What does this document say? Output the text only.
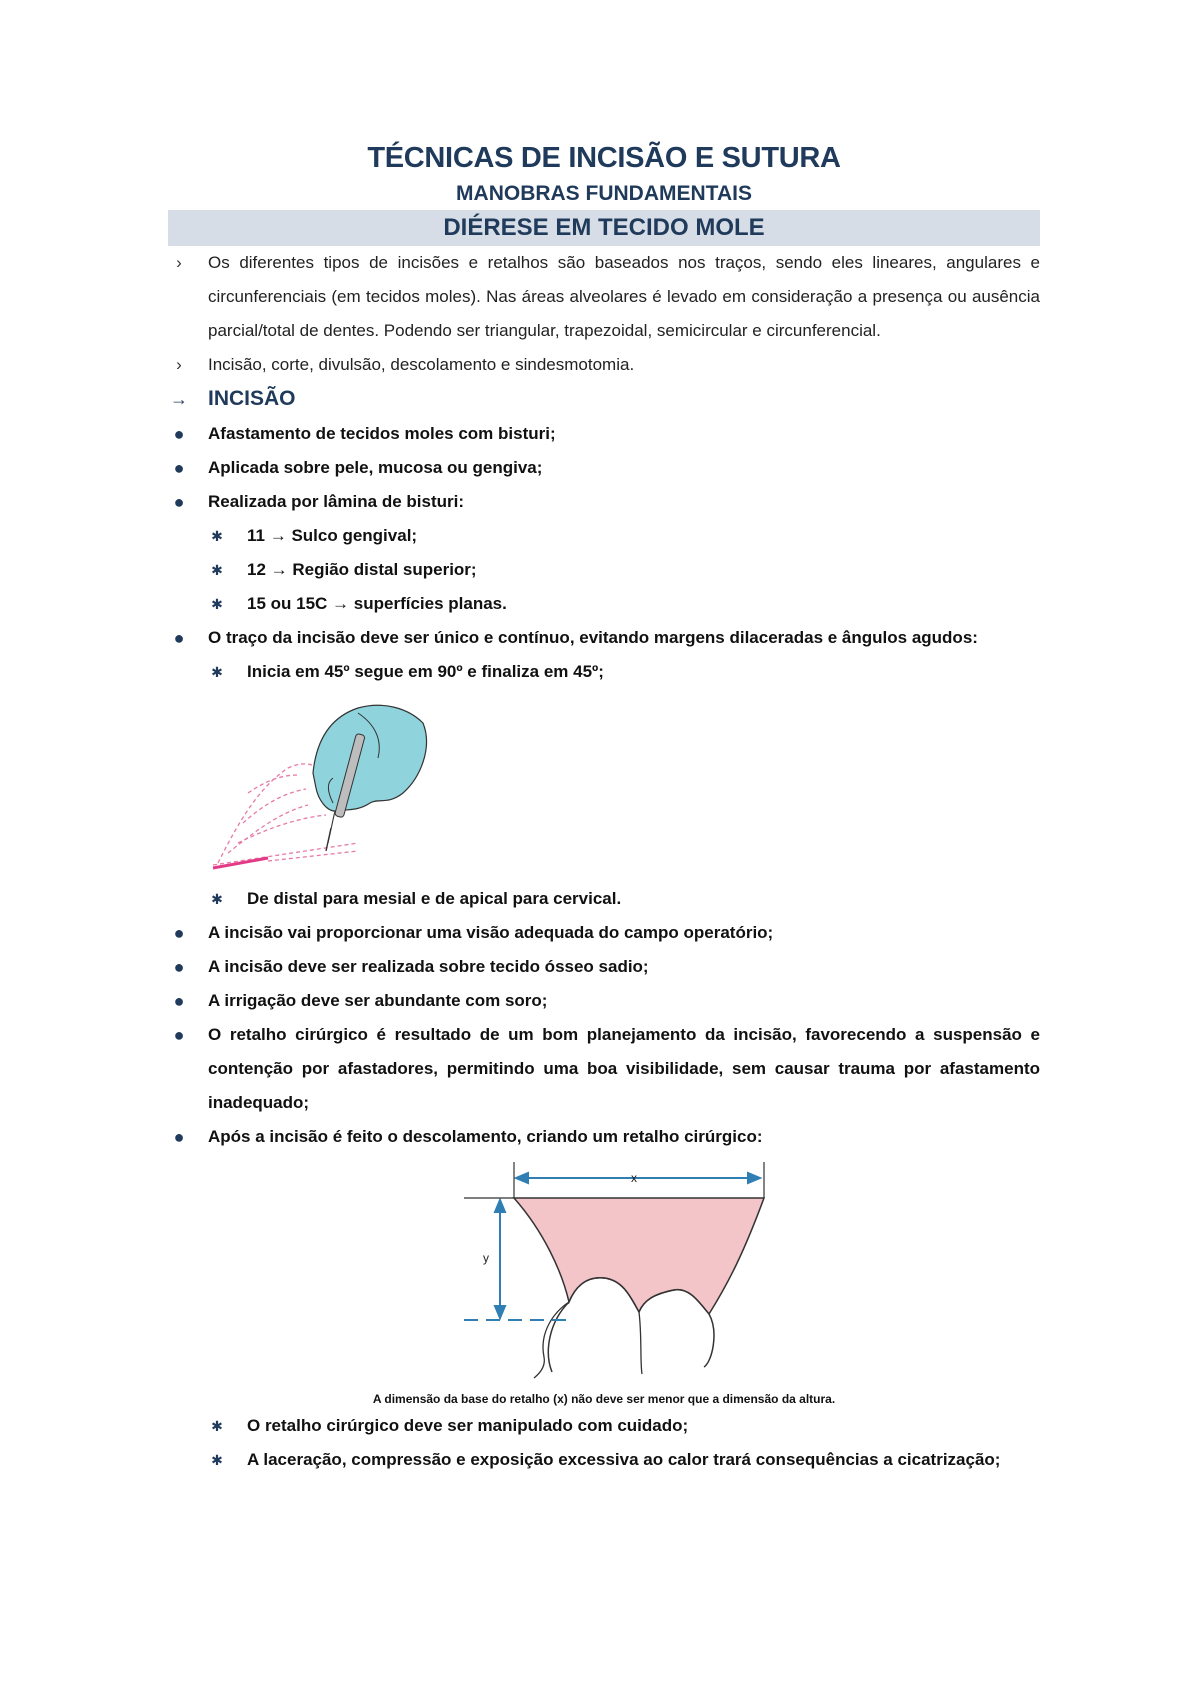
TÉCNICAS DE INCISÃO E SUTURA
MANOBRAS FUNDAMENTAIS
DIÉRESE EM TECIDO MOLE
›	Os diferentes tipos de incisões e retalhos são baseados nos traços, sendo eles lineares, angulares e circunferenciais (em tecidos moles). Nas áreas alveolares é levado em consideração a presença ou ausência parcial/total de dentes. Podendo ser triangular, trapezoidal, semicircular e circunferencial.
›	Incisão, corte, divulsão, descolamento e sindesmotomia.
→ INCISÃO
●	Afastamento de tecidos moles com bisturi;
●	Aplicada sobre pele, mucosa ou gengiva;
●	Realizada por lâmina de bisturi:
✱	11 → Sulco gengival;
✱	12 → Região distal superior;
✱	15 ou 15C → superfícies planas.
●	O traço da incisão deve ser único e contínuo, evitando margens dilaceradas e ângulos agudos:
✱	Inicia em 45º segue em 90º e finaliza em 45º;
✱	De distal para mesial e de apical para cervical.
●	A incisão vai proporcionar uma visão adequada do campo operatório;
●	A incisão deve ser realizada sobre tecido ósseo sadio;
●	A irrigação deve ser abundante com soro;
●	O retalho cirúrgico é resultado de um bom planejamento da incisão, favorecendo a suspensão e contenção por afastadores, permitindo uma boa visibilidade, sem causar trauma por afastamento inadequado;
●	Após a incisão é feito o descolamento, criando um retalho cirúrgico:
x
y
A dimensão da base do retalho (x) não deve ser menor que a dimensão da altura.
✱	O retalho cirúrgico deve ser manipulado com cuidado;
✱	A laceração, compressão e exposição excessiva ao calor trará consequências a cicatrização;
